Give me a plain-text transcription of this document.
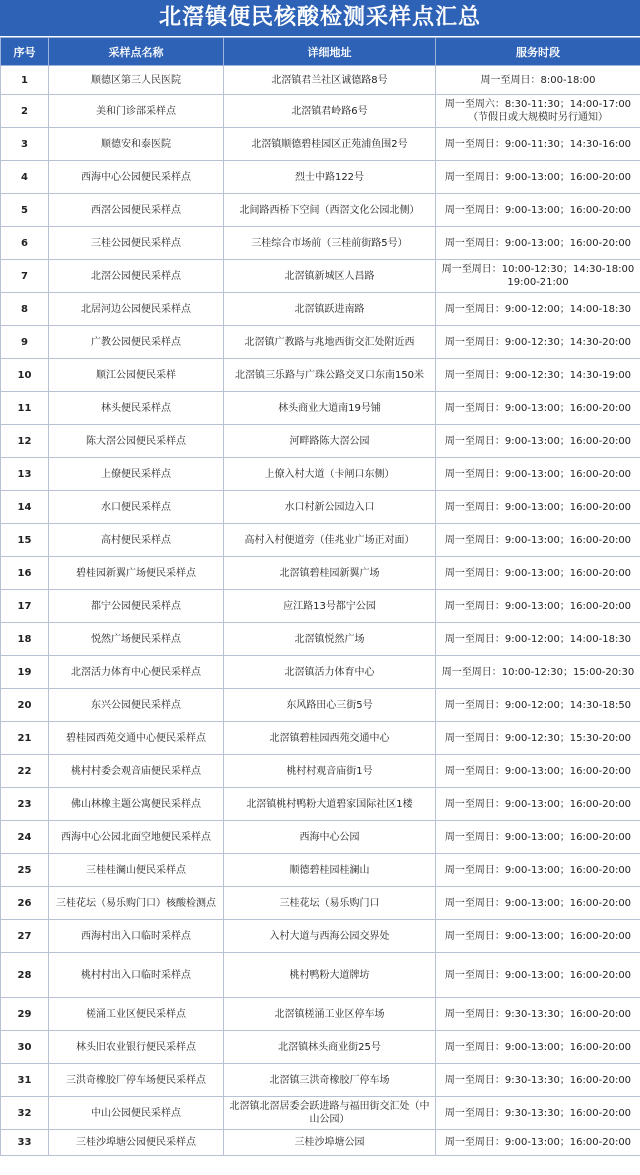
北滘镇便民核酸检测采样点汇总
序号	采样点名称	详细地址	服务时段
1	顺德区第三人民医院	北滘镇君兰社区诚德路8号	周一至周日：8:00-18:00

2	美和门诊部采样点	北滘镇君岭路6号	周一至周六：8:30-11:30；14:00-17:00
（节假日或大规模时另行通知）

3	顺德安和泰医院	北滘镇顺德碧桂园区正苑浦鱼围2号	周一至周日：9:00-11:30；14:30-16:00

4	西海中心公园便民采样点	烈士中路122号	周一至周日：9:00-13:00；16:00-20:00

5	西滘公园便民采样点	北间路西桥下空间（西滘文化公园北侧）	周一至周日：9:00-13:00；16:00-20:00

6	三桂公园便民采样点	三桂综合市场前（三桂前街路5号）	周一至周日：9:00-13:00；16:00-20:00

7	北滘公园便民采样点	北滘镇新城区人昌路	周一至周日：10:00-12:30；14:30-18:00
19:00-21:00

8	北居河边公园便民采样点	北滘镇跃进南路	周一至周日：9:00-12:00；14:00-18:30

9	广教公园便民采样点	北滘镇广教路与兆地西街交汇处附近西	周一至周日：9:00-12:30；14:30-20:00

10	顺江公园便民采样	北滘镇三乐路与广珠公路交叉口东南150米	周一至周日：9:00-12:30；14:30-19:00

11	林头便民采样点	林头商业大道南19号铺	周一至周日：9:00-13:00；16:00-20:00

12	陈大滘公园便民采样点	河畔路陈大滘公园	周一至周日：9:00-13:00；16:00-20:00

13	上僚便民采样点	上僚入村大道（卡闸口东侧）	周一至周日：9:00-13:00；16:00-20:00

14	水口便民采样点	水口村新公园边入口	周一至周日：9:00-13:00；16:00-20:00

15	高村便民采样点	高村入村便道旁（佳兆业广场正对面）	周一至周日：9:00-13:00；16:00-20:00

16	碧桂园新翼广场便民采样点	北滘镇碧桂园新翼广场	周一至周日：9:00-13:00；16:00-20:00

17	都宁公园便民采样点	应江路13号都宁公园	周一至周日：9:00-13:00；16:00-20:00

18	悦然广场便民采样点	北滘镇悦然广场	周一至周日：9:00-12:00；14:00-18:30

19	北滘活力体育中心便民采样点	北滘镇活力体育中心	周一至周日：10:00-12:30；15:00-20:30

20	东兴公园便民采样点	东风路田心三街5号	周一至周日：9:00-12:00；14:30-18:50

21	碧桂园西苑交通中心便民采样点	北滘镇碧桂园西苑交通中心	周一至周日：9:00-12:30；15:30-20:00

22	桃村村委会观音庙便民采样点	桃村村观音庙街1号	周一至周日：9:00-13:00；16:00-20:00

23	佛山林橡主题公寓便民采样点	北滘镇桃村鸭粉大道碧家国际社区1楼	周一至周日：9:00-13:00；16:00-20:00

24	西海中心公园北面空地便民采样点	西海中心公园	周一至周日：9:00-13:00；16:00-20:00

25	三桂桂澜山便民采样点	顺德碧桂园桂澜山	周一至周日：9:00-13:00；16:00-20:00

26	三桂花坛（易乐购门口）核酸检测点	三桂花坛（易乐购门口	周一至周日：9:00-13:00；16:00-20:00

27	西海村出入口临时采样点	入村大道与西海公园交界处	周一至周日：9:00-13:00；16:00-20:00

28	桃村村出入口临时采样点	桃村鸭粉大道牌坊	周一至周日：9:00-13:00；16:00-20:00

29	槎涌工业区便民采样点	北滘镇槎涌工业区停车场	周一至周日：9:30-13:30；16:00-20:00

30	林头旧农业银行便民采样点	北滘镇林头商业街25号	周一至周日：9:00-13:00；16:00-20:00

31	三洪奇橡胶厂停车场便民采样点	北滘镇三洪奇橡胶厂停车场	周一至周日：9:30-13:30；16:00-20:00

32	中山公园便民采样点	北滘镇北滘居委会跃进路与福田街交汇处（中
山公园）	周一至周日：9:30-13:30；16:00-20:00

33	三桂沙埠塘公园便民采样点	三桂沙埠塘公园	周一至周日：9:00-13:00；16:00-20:00
